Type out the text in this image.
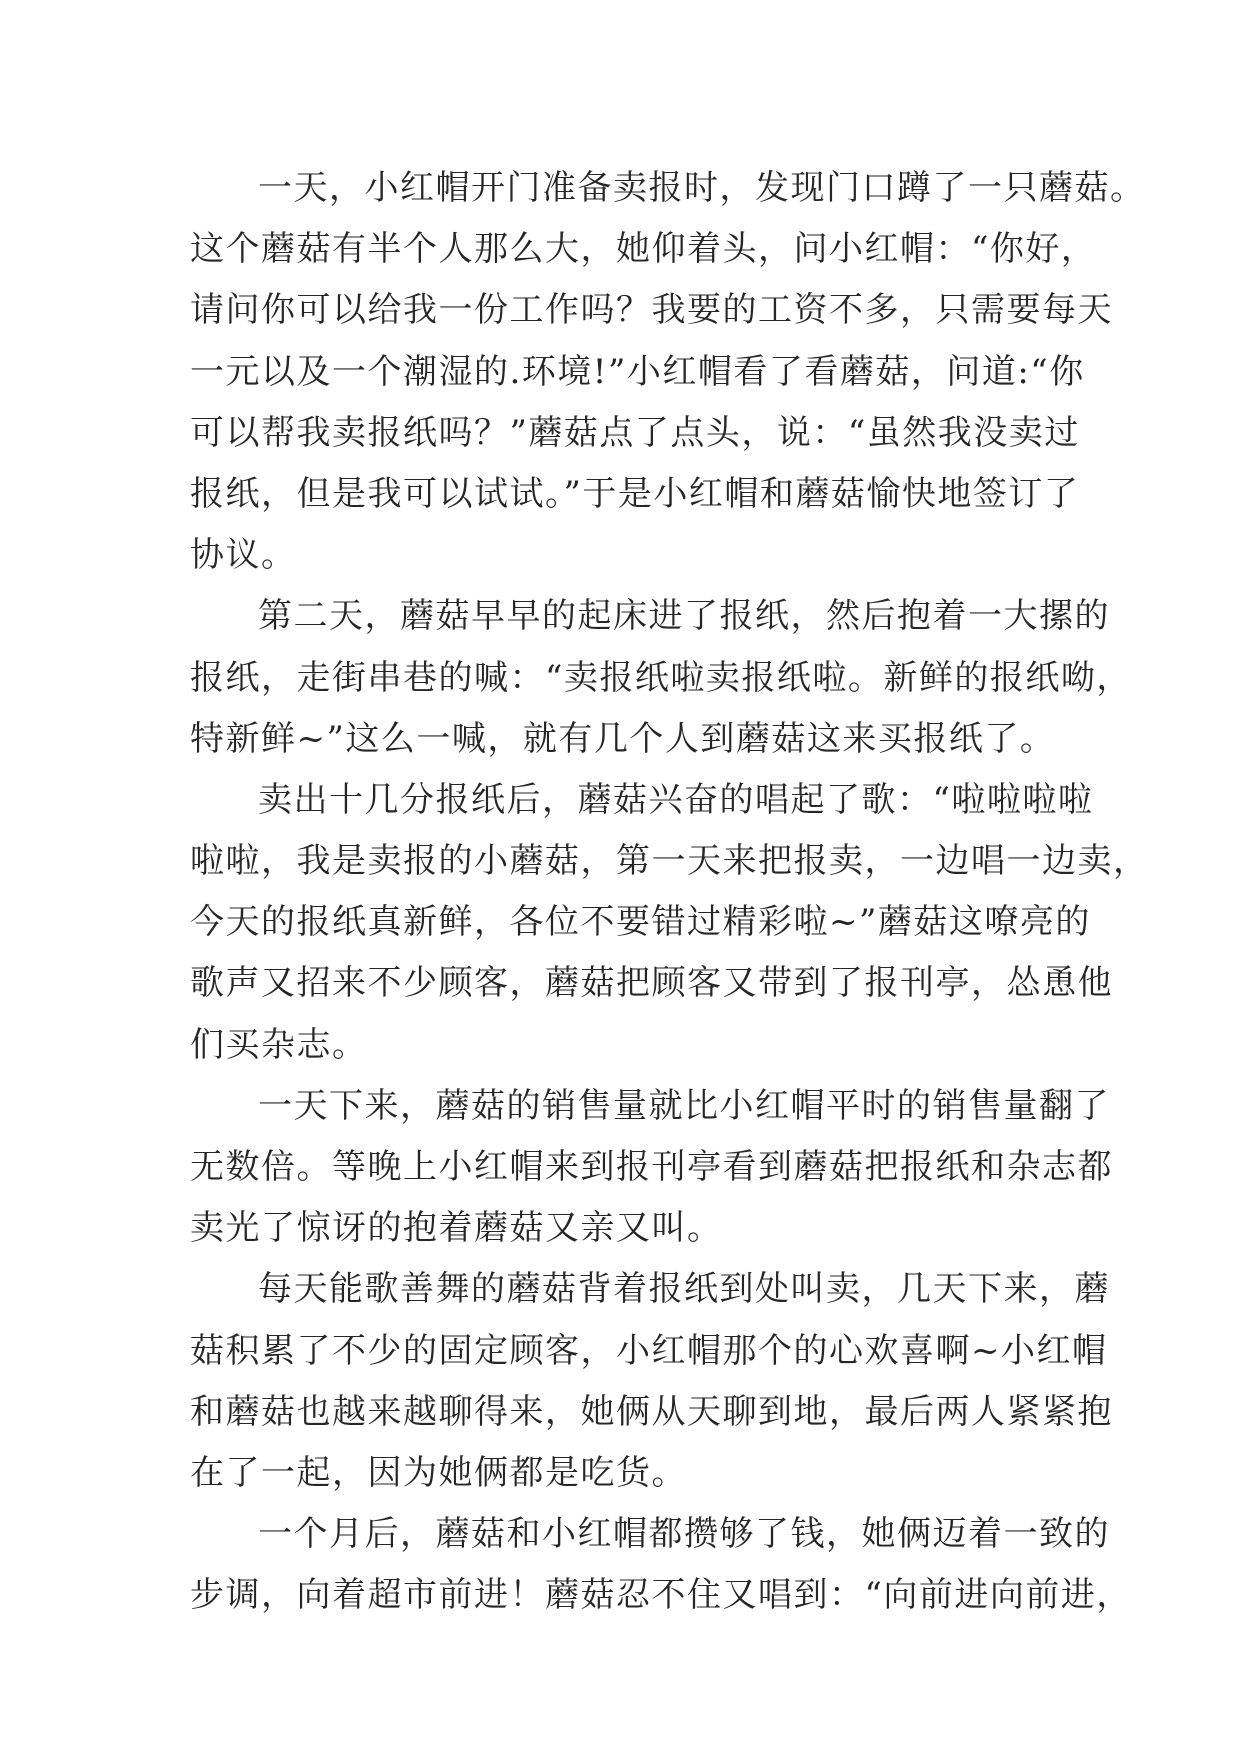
一天，小红帽开门准备卖报时，发现门口蹲了一只蘑菇。
这个蘑菇有半个人那么大，她仰着头，问小红帽：“你好，
请问你可以给我一份工作吗？我要的工资不多，只需要每天
一元以及一个潮湿的.环境!”小红帽看了看蘑菇，问道:“你
可以帮我卖报纸吗？”蘑菇点了点头，说：“虽然我没卖过
报纸，但是我可以试试。”于是小红帽和蘑菇愉快地签订了
协议。
第二天，蘑菇早早的起床进了报纸，然后抱着一大摞的
报纸，走街串巷的喊：“卖报纸啦卖报纸啦。新鲜的报纸呦，
特新鲜~”这么一喊，就有几个人到蘑菇这来买报纸了。
卖出十几分报纸后，蘑菇兴奋的唱起了歌：“啦啦啦啦
啦啦，我是卖报的小蘑菇，第一天来把报卖，一边唱一边卖，
今天的报纸真新鲜，各位不要错过精彩啦~”蘑菇这嘹亮的
歌声又招来不少顾客，蘑菇把顾客又带到了报刊亭，怂恿他
们买杂志。
一天下来，蘑菇的销售量就比小红帽平时的销售量翻了
无数倍。等晚上小红帽来到报刊亭看到蘑菇把报纸和杂志都
卖光了惊讶的抱着蘑菇又亲又叫。
每天能歌善舞的蘑菇背着报纸到处叫卖，几天下来，蘑
菇积累了不少的固定顾客，小红帽那个的心欢喜啊~小红帽
和蘑菇也越来越聊得来，她俩从天聊到地，最后两人紧紧抱
在了一起，因为她俩都是吃货。
一个月后，蘑菇和小红帽都攒够了钱，她俩迈着一致的
步调，向着超市前进！蘑菇忍不住又唱到：“向前进向前进，
